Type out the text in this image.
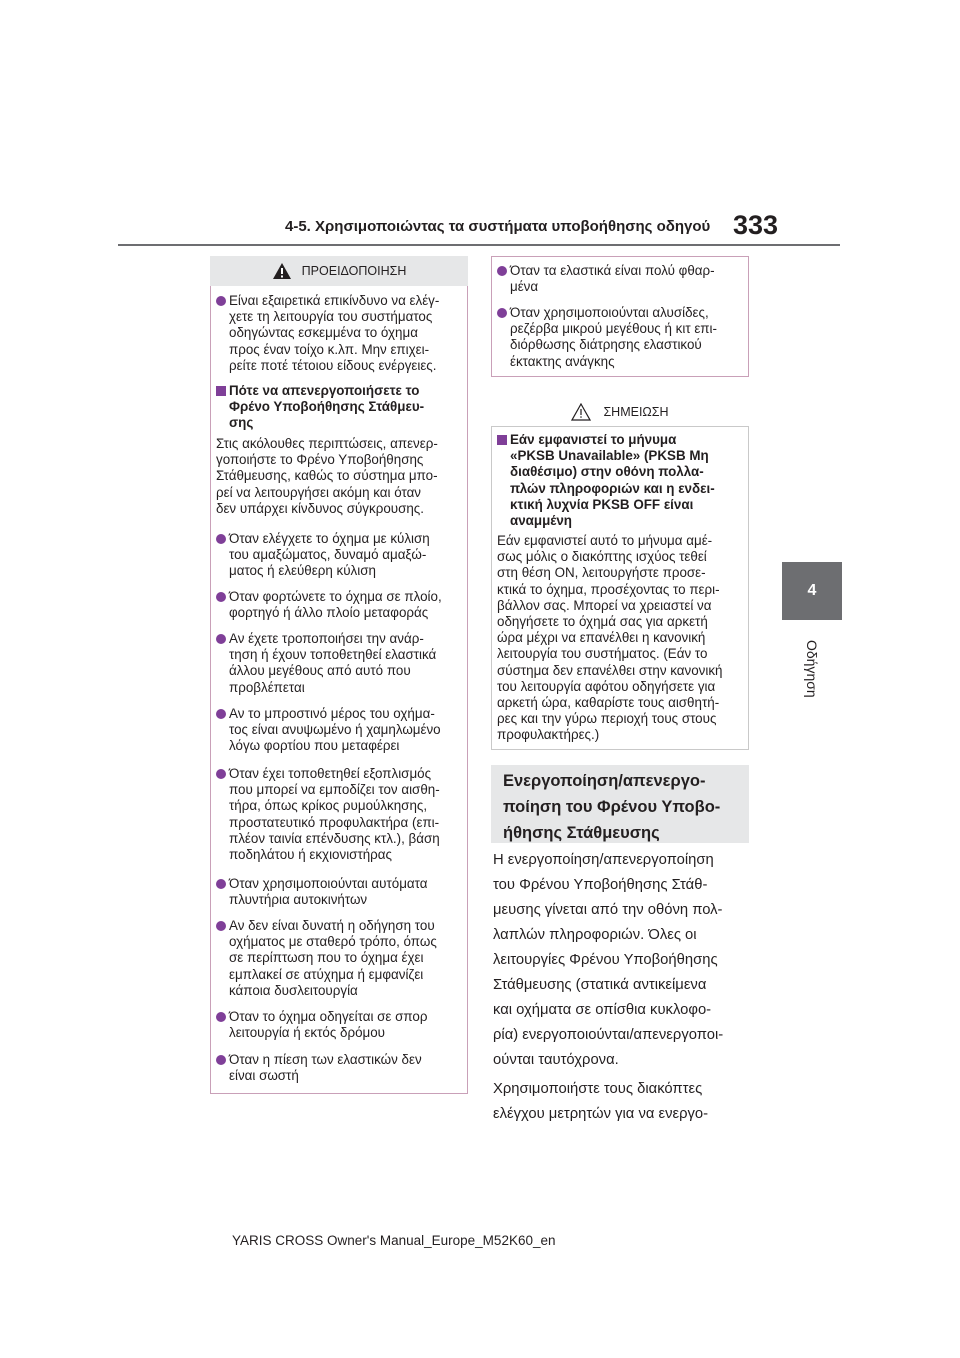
4-5. Χρησιμοποιώντας τα συστήματα υποβοήθησης οδηγού 333
4
Οδήγηση
ΠΡΟΕΙΔΟΠΟΙΗΣΗ
Είναι εξαιρετικά επικίνδυνο να ελέγ-
χετε τη λειτουργία του συστήματος
οδηγώντας εσκεμμένα το όχημα
προς έναν τοίχο κ.λπ. Μην επιχει-
ρείτε ποτέ τέτοιου είδους ενέργειες.
Πότε να απενεργοποιήσετε το
Φρένο Υποβοήθησης Στάθμευ-
σης
Στις ακόλουθες περιπτώσεις, απενερ-
γοποιήστε το Φρένο Υποβοήθησης
Στάθμευσης, καθώς το σύστημα μπο-
ρεί να λειτουργήσει ακόμη και όταν
δεν υπάρχει κίνδυνος σύγκρουσης.
Όταν ελέγχετε το όχημα με κύλιση
του αμαξώματος, δυναμό αμαξώ-
ματος ή ελεύθερη κύλιση
Όταν φορτώνετε το όχημα σε πλοίο,
φορτηγό ή άλλο πλοίο μεταφοράς
Αν έχετε τροποποιήσει την ανάρ-
τηση ή έχουν τοποθετηθεί ελαστικά
άλλου μεγέθους από αυτό που
προβλέπεται
Αν το μπροστινό μέρος του οχήμα-
τος είναι ανυψωμένο ή χαμηλωμένο
λόγω φορτίου που μεταφέρει
Όταν έχει τοποθετηθεί εξοπλισμός
που μπορεί να εμποδίζει τον αισθη-
τήρα, όπως κρίκος ρυμούλκησης,
προστατευτικό προφυλακτήρα (επι-
πλέον ταινία επένδυσης κτλ.), βάση
ποδηλάτου ή εκχιονιστήρας
Όταν χρησιμοποιούνται αυτόματα
πλυντήρια αυτοκινήτων
Αν δεν είναι δυνατή η οδήγηση του
οχήματος με σταθερό τρόπο, όπως
σε περίπτωση που το όχημα έχει
εμπλακεί σε ατύχημα ή εμφανίζει
κάποια δυσλειτουργία
Όταν το όχημα οδηγείται σε σπορ
λειτουργία ή εκτός δρόμου
Όταν η πίεση των ελαστικών δεν
είναι σωστή
Όταν τα ελαστικά είναι πολύ φθαρ-
μένα
Όταν χρησιμοποιούνται αλυσίδες,
ρεζέρβα μικρού μεγέθους ή κιτ επι-
διόρθωσης διάτρησης ελαστικού
έκτακτης ανάγκης
ΣΗΜΕΙΩΣΗ
Εάν εμφανιστεί το μήνυμα
«PKSB Unavailable» (PKSB Μη
διαθέσιμο) στην οθόνη πολλα-
πλών πληροφοριών και η ενδει-
κτική λυχνία PKSB OFF είναι
αναμμένη
Εάν εμφανιστεί αυτό το μήνυμα αμέ-
σως μόλις ο διακόπτης ισχύος τεθεί
στη θέση ON, λειτουργήστε προσε-
κτικά το όχημα, προσέχοντας το περι-
βάλλον σας. Μπορεί να χρειαστεί να
οδηγήσετε το όχημά σας για αρκετή
ώρα μέχρι να επανέλθει η κανονική
λειτουργία του συστήματος. (Εάν το
σύστημα δεν επανέλθει στην κανονική
του λειτουργία αφότου οδηγήσετε για
αρκετή ώρα, καθαρίστε τους αισθητή-
ρες και την γύρω περιοχή τους στους
προφυλακτήρες.)
Ενεργοποίηση/απενεργο-
ποίηση του Φρένου Υποβο-
ήθησης Στάθμευσης
Η ενεργοποίηση/απενεργοποίηση
του Φρένου Υποβοήθησης Στάθ-
μευσης γίνεται από την οθόνη πολ-
λαπλών πληροφοριών. Όλες οι
λειτουργίες Φρένου Υποβοήθησης
Στάθμευσης (στατικά αντικείμενα
και οχήματα σε οπίσθια κυκλοφο-
ρία) ενεργοποιούνται/απενεργοποι-
ούνται ταυτόχρονα.
Χρησιμοποιήστε τους διακόπτες
ελέγχου μετρητών για να ενεργο-
YARIS CROSS Owner's Manual_Europe_M52K60_en
